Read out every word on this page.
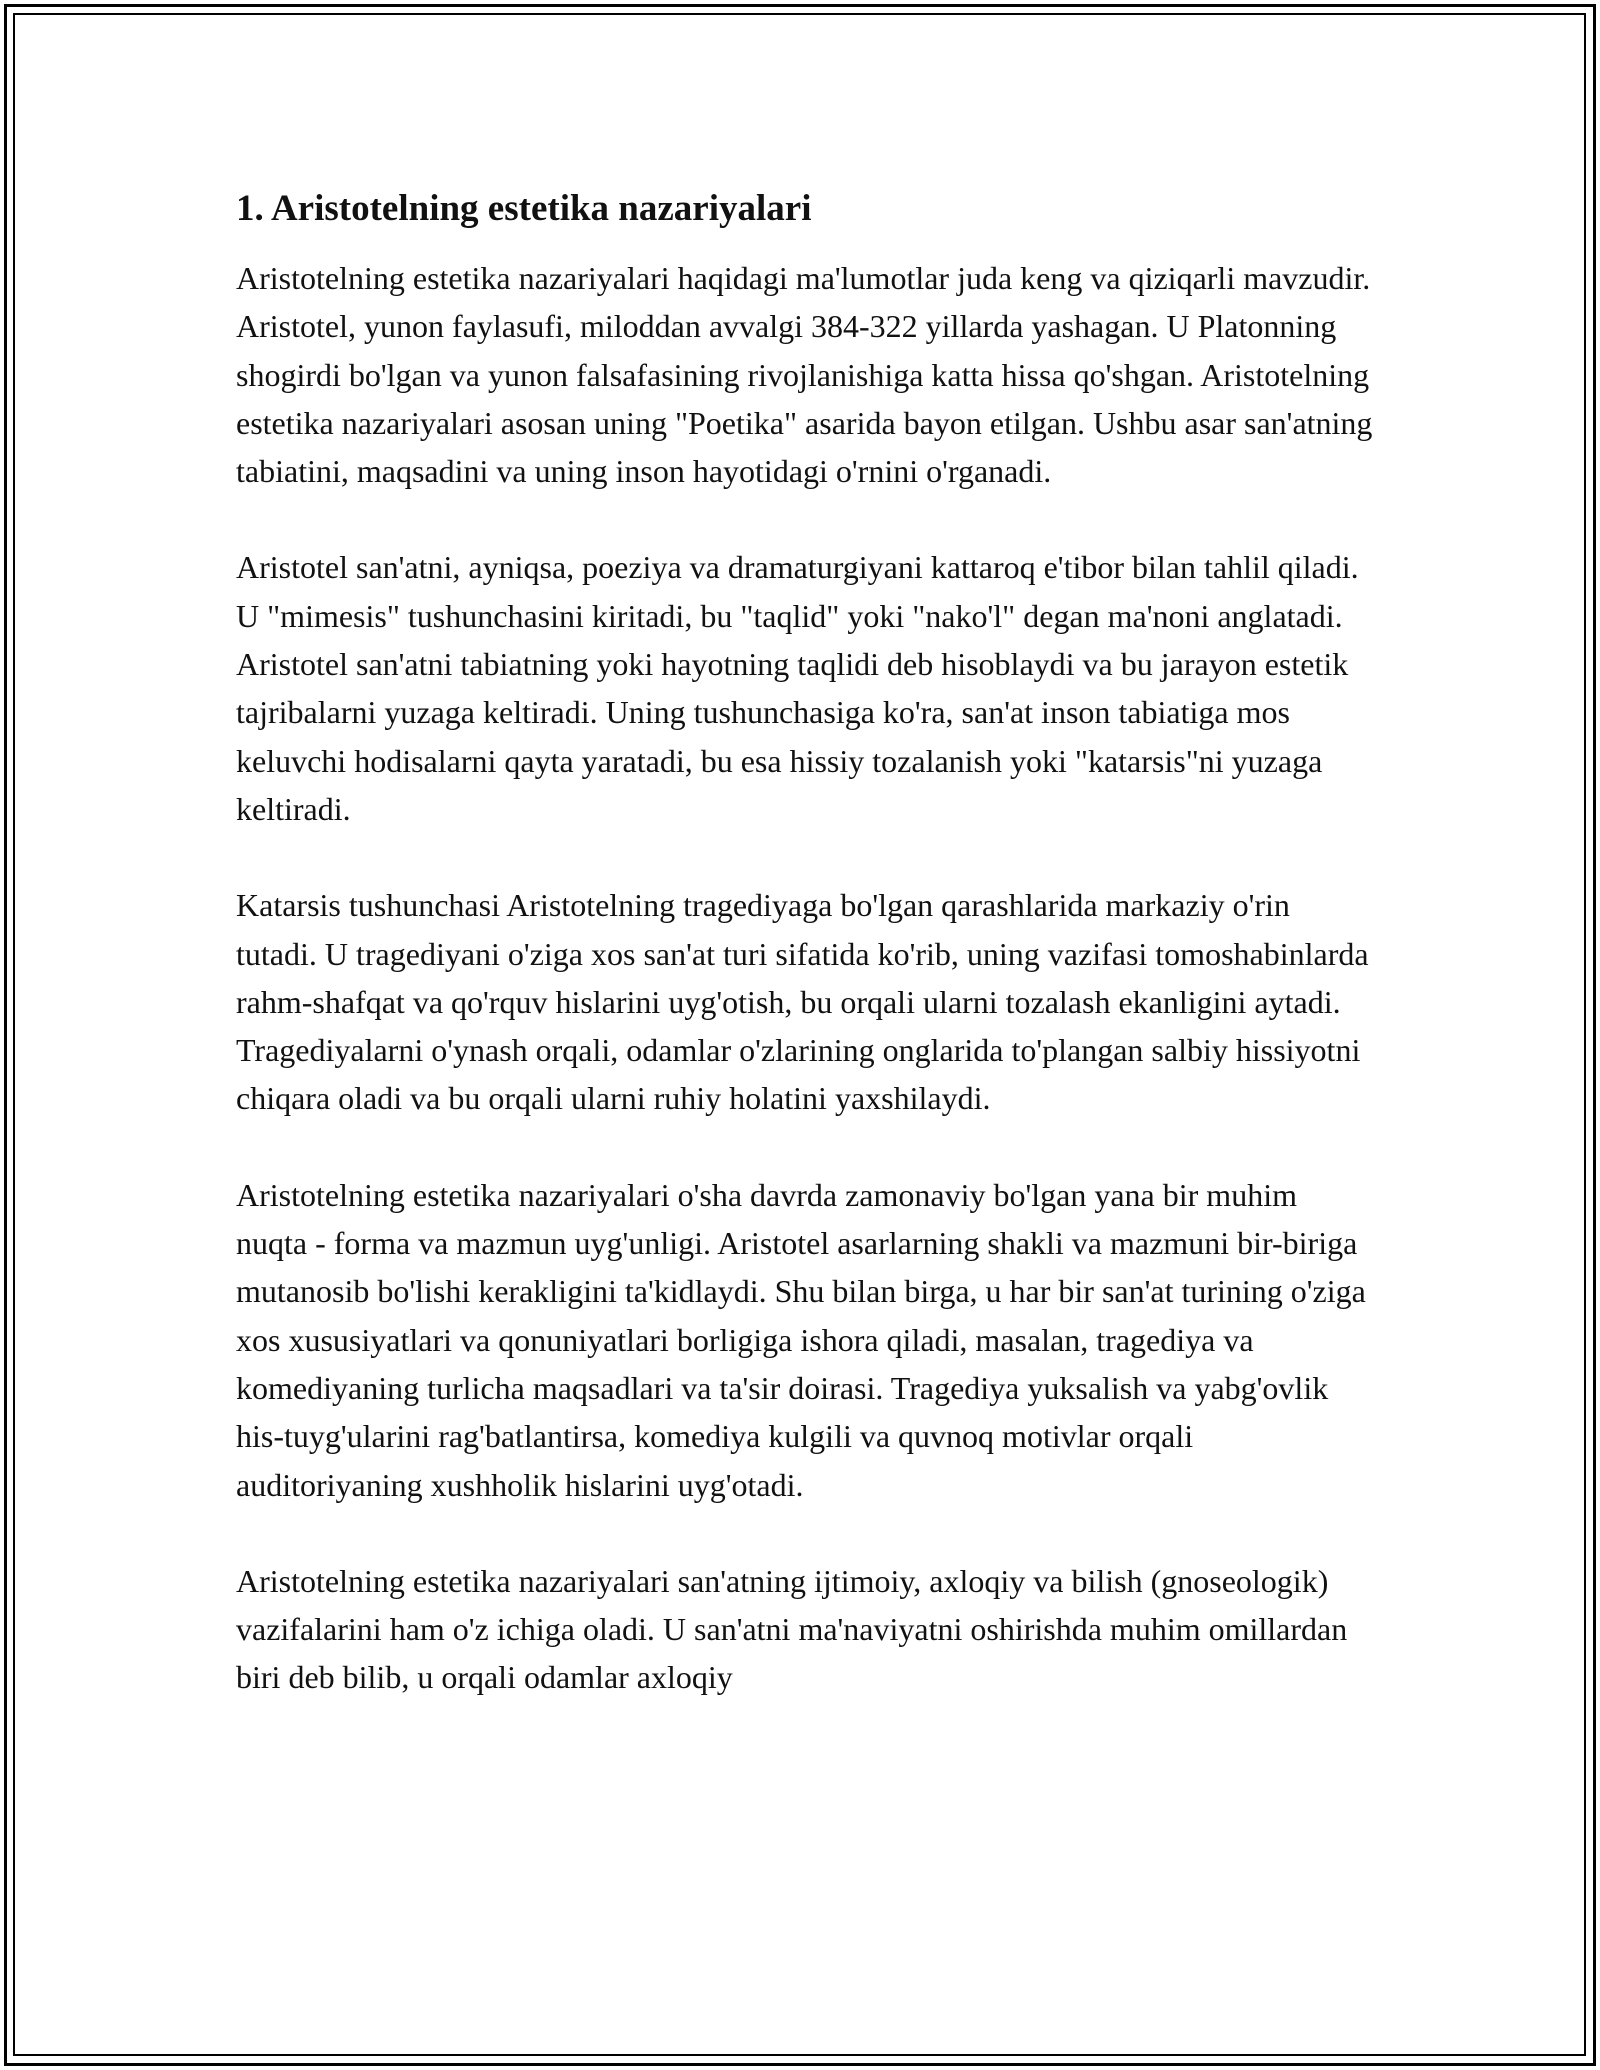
1. Aristotelning estetika nazariyalari

Aristotelning estetika nazariyalari haqidagi ma'lumotlar juda keng va qiziqarli mavzudir. Aristotel, yunon faylasufi, miloddan avvalgi 384-322 yillarda yashagan. U Platonning shogirdi bo'lgan va yunon falsafasining rivojlanishiga katta hissa qo'shgan. Aristotelning estetika nazariyalari asosan uning "Poetika" asarida bayon etilgan. Ushbu asar san'atning tabiatini, maqsadini va uning inson hayotidagi o'rnini o'rganadi.

Aristotel san'atni, ayniqsa, poeziya va dramaturgiyani kattaroq e'tibor bilan tahlil qiladi. U "mimesis" tushunchasini kiritadi, bu "taqlid" yoki "nako'l" degan ma'noni anglatadi. Aristotel san'atni tabiatning yoki hayotning taqlidi deb hisoblaydi va bu jarayon estetik tajribalarni yuzaga keltiradi. Uning tushunchasiga ko'ra, san'at inson tabiatiga mos keluvchi hodisalarni qayta yaratadi, bu esa hissiy tozalanish yoki "katarsis"ni yuzaga keltiradi.

Katarsis tushunchasi Aristotelning tragediyaga bo'lgan qarashlarida markaziy o'rin tutadi. U tragediyani o'ziga xos san'at turi sifatida ko'rib, uning vazifasi tomoshabinlarda rahm-shafqat va qo'rquv hislarini uyg'otish, bu orqali ularni tozalash ekanligini aytadi. Tragediyalarni o'ynash orqali, odamlar o'zlarining onglarida to'plangan salbiy hissiyotni chiqara oladi va bu orqali ularni ruhiy holatini yaxshilaydi.

Aristotelning estetika nazariyalari o'sha davrda zamonaviy bo'lgan yana bir muhim nuqta - forma va mazmun uyg'unligi. Aristotel asarlarning shakli va mazmuni bir-biriga mutanosib bo'lishi kerakligini ta'kidlaydi. Shu bilan birga, u har bir san'at turining o'ziga xos xususiyatlari va qonuniyatlari borligiga ishora qiladi, masalan, tragediya va komediyaning turlicha maqsadlari va ta'sir doirasi. Tragediya yuksalish va yabg'ovlik his-tuyg'ularini rag'batlantirsa, komediya kulgili va quvnoq motivlar orqali auditoriyaning xushholik hislarini uyg'otadi.

Aristotelning estetika nazariyalari san'atning ijtimoiy, axloqiy va bilish (gnoseologik) vazifalarini ham o'z ichiga oladi. U san'atni ma'naviyatni oshirishda muhim omillardan biri deb bilib, u orqali odamlar axloqiy
